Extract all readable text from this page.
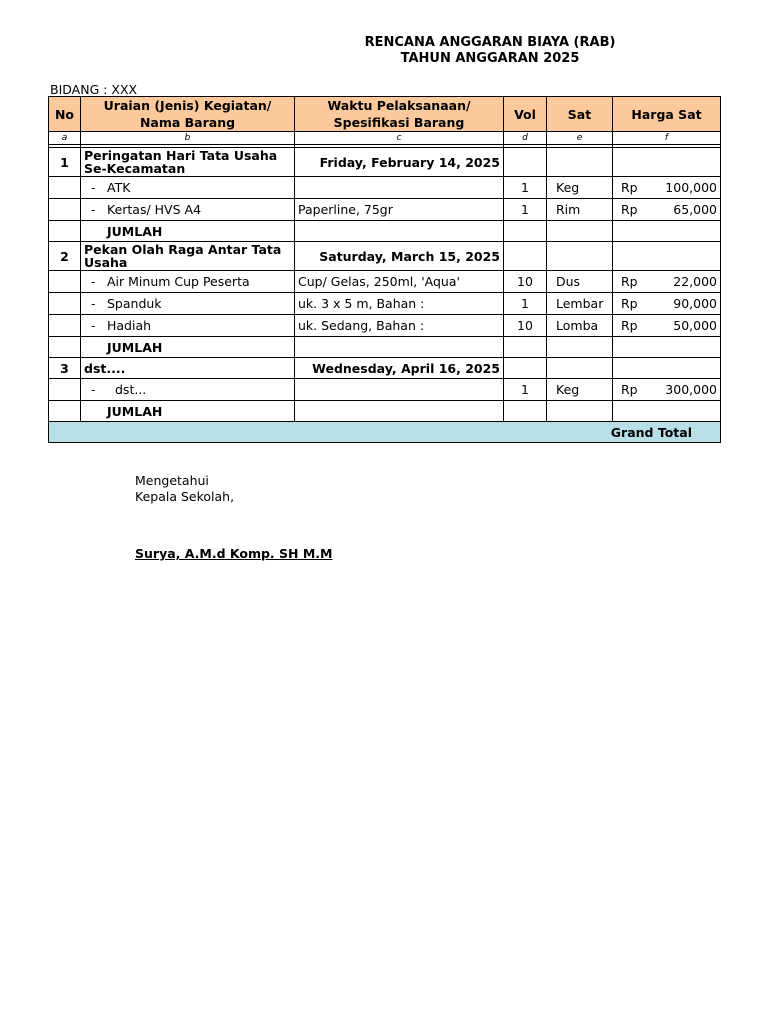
RENCANA ANGGARAN BIAYA (RAB)
TAHUN ANGGARAN 2025
BIDANG : XXX
No	Uraian (Jenis) Kegiatan/ Nama Barang	Waktu Pelaksanaan/ Spesifikasi Barang	Vol	Sat	Harga Sat
a	b	c	d	e	f

1	Peringatan Hari Tata Usaha Se-Kecamatan	Friday, February 14, 2025			
	- ATK		1	Keg	Rp 100,000

	- Kertas/ HVS A4	Paperline, 75gr	1	Rim	Rp 65,000

	JUMLAH				
2	Pekan Olah Raga Antar Tata Usaha	Saturday, March 15, 2025			
	- Air Minum Cup Peserta	Cup/ Gelas, 250ml, 'Aqua'	10	Dus	Rp 22,000

	- Spanduk	uk. 3 x 5 m, Bahan :	1	Lembar	Rp 90,000

	- Hadiah	uk. Sedang, Bahan :	10	Lomba	Rp 50,000

	JUMLAH				
3	dst....	Wednesday, April 16, 2025			
	- dst...		1	Keg	Rp 300,000

	JUMLAH				
Grand Total					
Mengetahui
Kepala Sekolah,
Surya, A.M.d Komp. SH M.M
